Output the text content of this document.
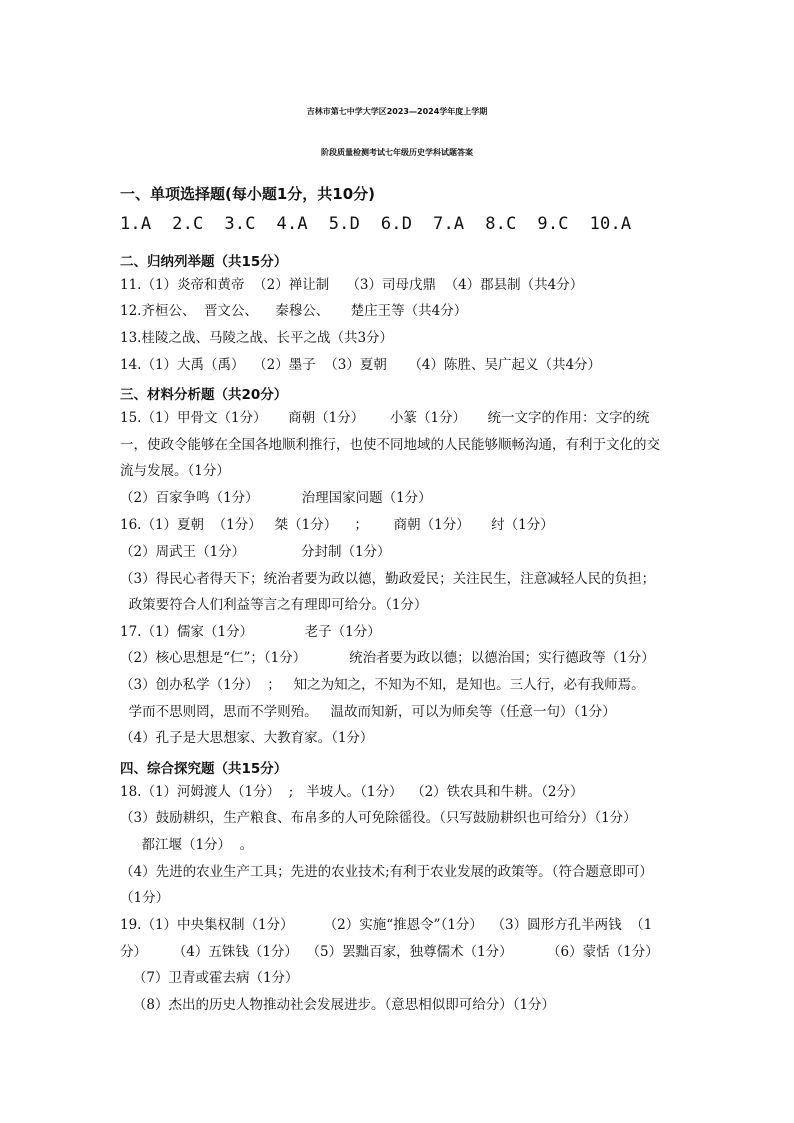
吉林市第七中学大学区2023—2024学年度上学期
阶段质量检测考试七年级历史学科试题答案
一、单项选择题(每小题1分，共10分)
1.A  2.C  3.C  4.A  5.D  6.D  7.A  8.C  9.C  10.A
二、归纳列举题（共15分）
11.（1）炎帝和黄帝  （2）禅让制    （3）司母戊鼎  （4）郡县制（共4分）
12.齐桓公、  晋文公、    秦穆公、     楚庄王等（共4分）
13.桂陵之战、马陵之战、长平之战（共3分）
14.（1）大禹（禹）  （2）墨子  （3）夏朝     （4）陈胜、吴广起义（共4分）
三、材料分析题（共20分）
15.（1）甲骨文（1分）     商朝（1分）      小篆（1分）     统一文字的作用：文字的统
一，使政令能够在全国各地顺利推行，也使不同地域的人民能够顺畅沟通，有利于文化的交
流与发展。（1分）
（2）百家争鸣（1分）          治理国家问题（1分）
16.（1）夏朝  （1分）   桀（1分）    ；      商朝（1分）     纣（1分）
（2）周武王（1分）             分封制（1分）
（3）得民心者得天下；统治者要为政以德，勤政爱民；关注民生，注意减轻人民的负担；
政策要符合人们利益等言之有理即可给分。（1分）
17.（1）儒家（1分）            老子（1分）
（2）核心思想是“仁”；（1分）          统治者要为政以德；以德治国；实行德政等（1分）
（3）创办私学（1分）  ；   知之为知之，不知为不知，是知也。三人行，必有我师焉。
学而不思则罔，思而不学则殆。   温故而知新，可以为师矣等（任意一句）（1分）
（4）孔子是大思想家、大教育家。（1分）
四、综合探究题（共15分）
18.（1）河姆渡人（1分）  ;   半坡人。（1分）  （2）铁农具和牛耕。（2分）
（3）鼓励耕织，生产粮食、布帛多的人可免除徭役。（只写鼓励耕织也可给分）（1分）
都江堰（1分）  。
（4）先进的农业生产工具；先进的农业技术;有利于农业发展的政策等。（符合题意即可）
（1分）
19.（1）中央集权制（1分）       （2）实施“推恩令”（1分）  （3）圆形方孔半两钱  （1
分）      （4）五铢钱（1分）  （5）罢黜百家，独尊儒术（1分）        （6）蒙恬（1分）
（7）卫青或霍去病（1分）
（8）杰出的历史人物推动社会发展进步。（意思相似即可给分）（1分）
